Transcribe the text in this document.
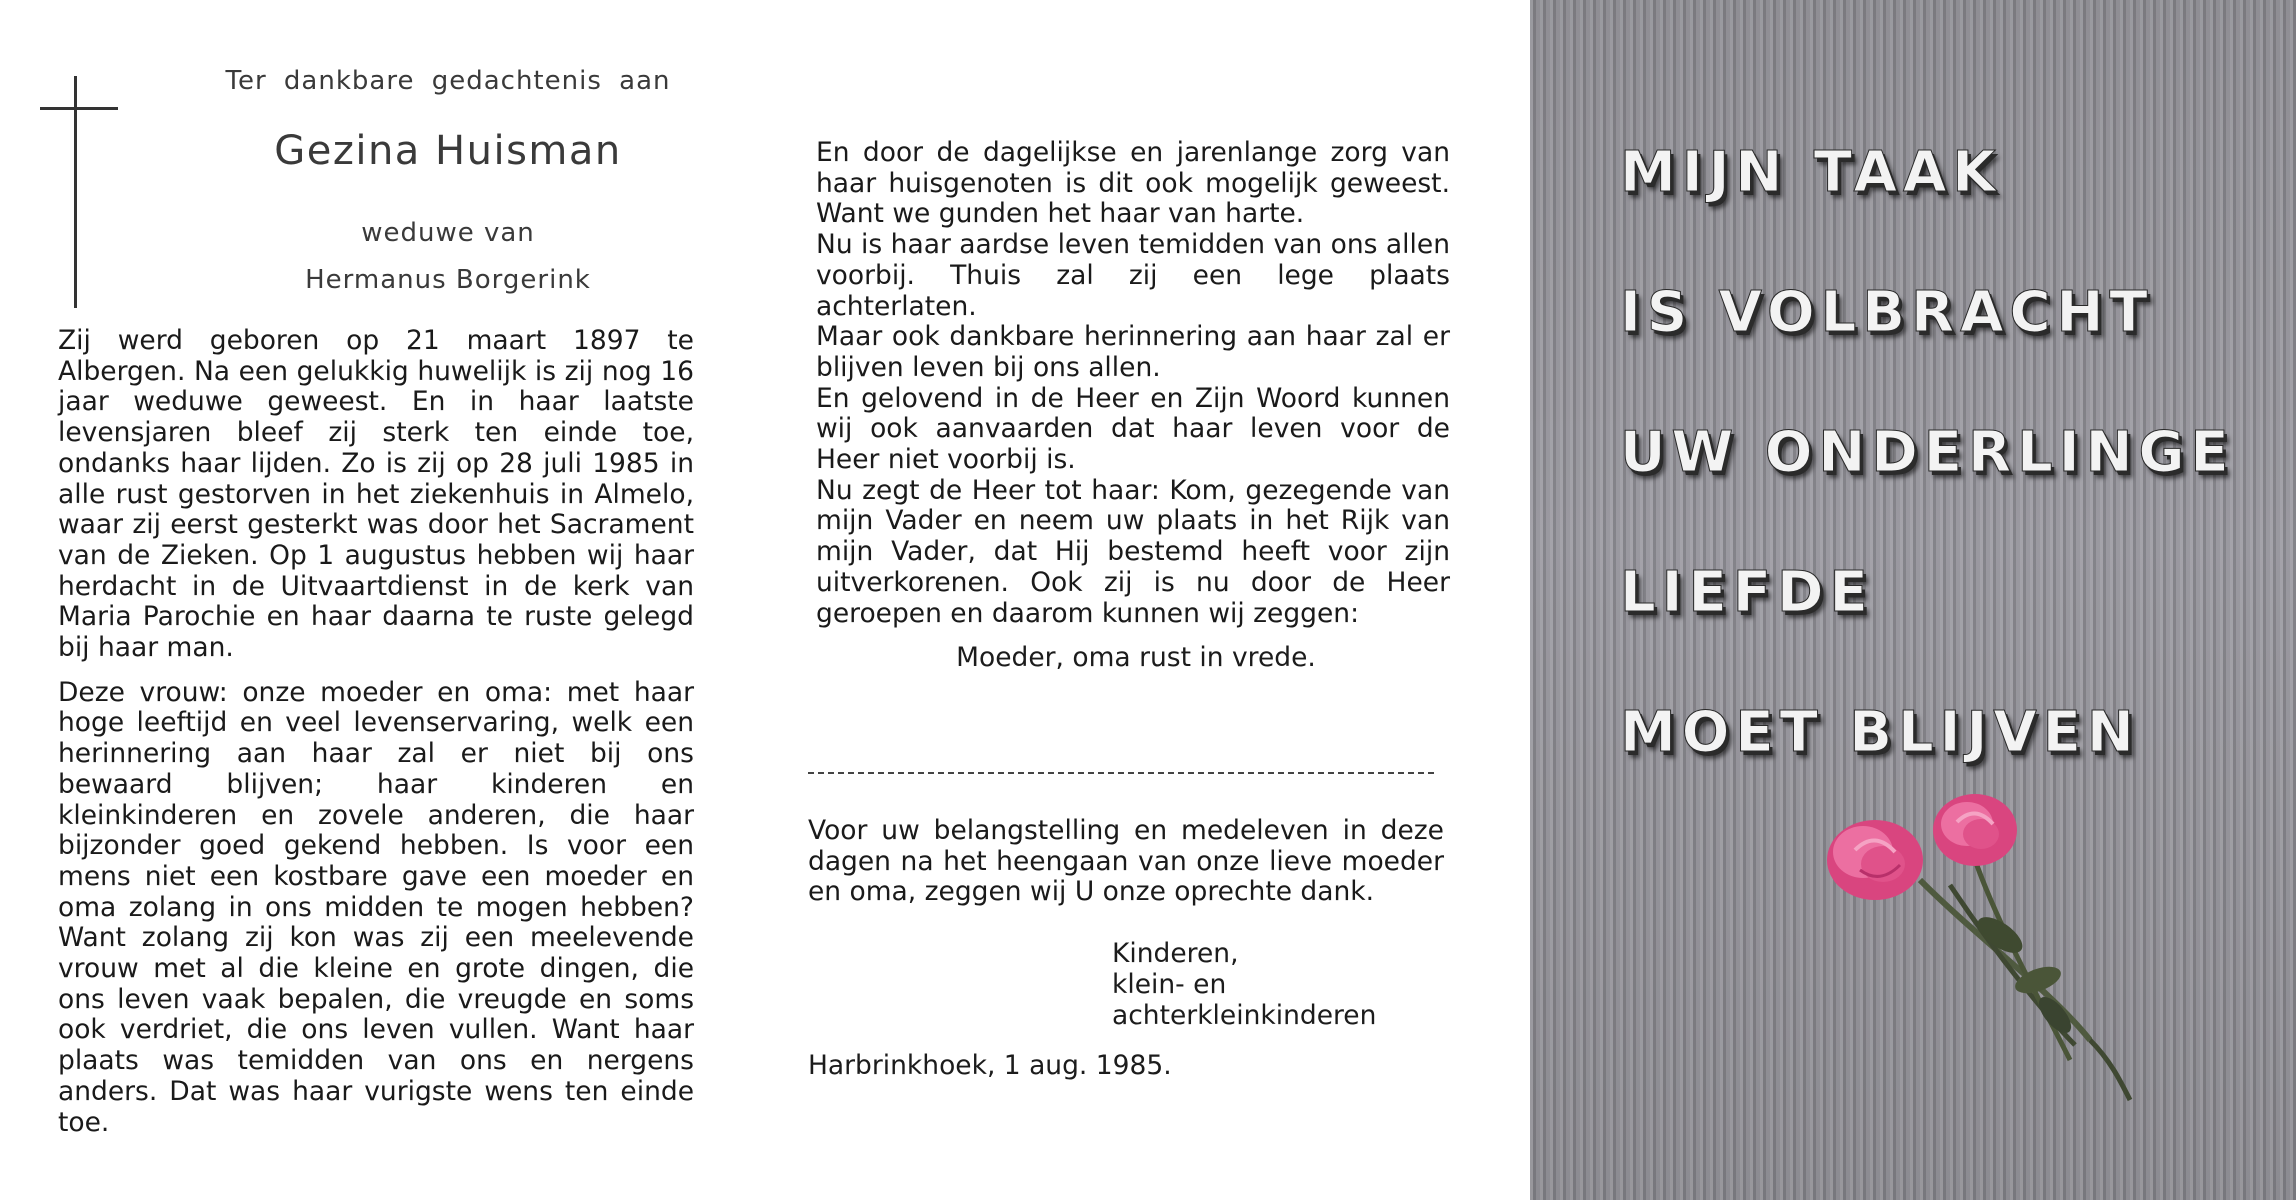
Ter dankbare gedachtenis aan
Gezina Huisman
weduwe van
Hermanus Borgerink

Zij werd geboren op 21 maart 1897 te Albergen. Na een gelukkig huwelijk is zij nog 16 jaar weduwe geweest. En in haar laatste levensjaren bleef zij sterk ten einde toe, ondanks haar lijden. Zo is zij op 28 juli 1985 in alle rust gestorven in het ziekenhuis in Almelo, waar zij eerst gesterkt was door het Sacrament van de Zieken. Op 1 augustus hebben wij haar herdacht in de Uitvaartdienst in de kerk van Maria Parochie en haar daarna te ruste gelegd bij haar man.

Deze vrouw: onze moeder en oma: met haar hoge leeftijd en veel levenservaring, welk een herinnering aan haar zal er niet bij ons bewaard blijven; haar kinderen en kleinkinderen en zovele anderen, die haar bijzonder goed gekend hebben. Is voor een mens niet een kostbare gave een moeder en oma zolang in ons midden te mogen hebben? Want zolang zij kon was zij een meelevende vrouw met al die kleine en grote dingen, die ons leven vaak bepalen, die vreugde en soms ook verdriet, die ons leven vullen. Want haar plaats was temidden van ons en nergens anders. Dat was haar vurigste wens ten einde toe.

En door de dagelijkse en jarenlange zorg van haar huisgenoten is dit ook mogelijk geweest. Want we gunden het haar van harte.

Nu is haar aardse leven temidden van ons allen voorbij. Thuis zal zij een lege plaats achterlaten.

Maar ook dankbare herinnering aan haar zal er blijven leven bij ons allen.

En gelovend in de Heer en Zijn Woord kunnen wij ook aanvaarden dat haar leven voor de Heer niet voorbij is.

Nu zegt de Heer tot haar: Kom, gezegende van mijn Vader en neem uw plaats in het Rijk van mijn Vader, dat Hij bestemd heeft voor zijn uitverkorenen. Ook zij is nu door de Heer geroepen en daarom kunnen wij zeggen:

Moeder, oma rust in vrede.

Voor uw belangstelling en medeleven in deze dagen na het heengaan van onze lieve moeder en oma, zeggen wij U onze oprechte dank.

Kinderen,
klein- en
achterkleinkinderen
Harbrinkhoek, 1 aug. 1985.
MIJN TAAK
IS VOLBRACHT
UW ONDERLINGE
LIEFDE
MOET BLIJVEN
